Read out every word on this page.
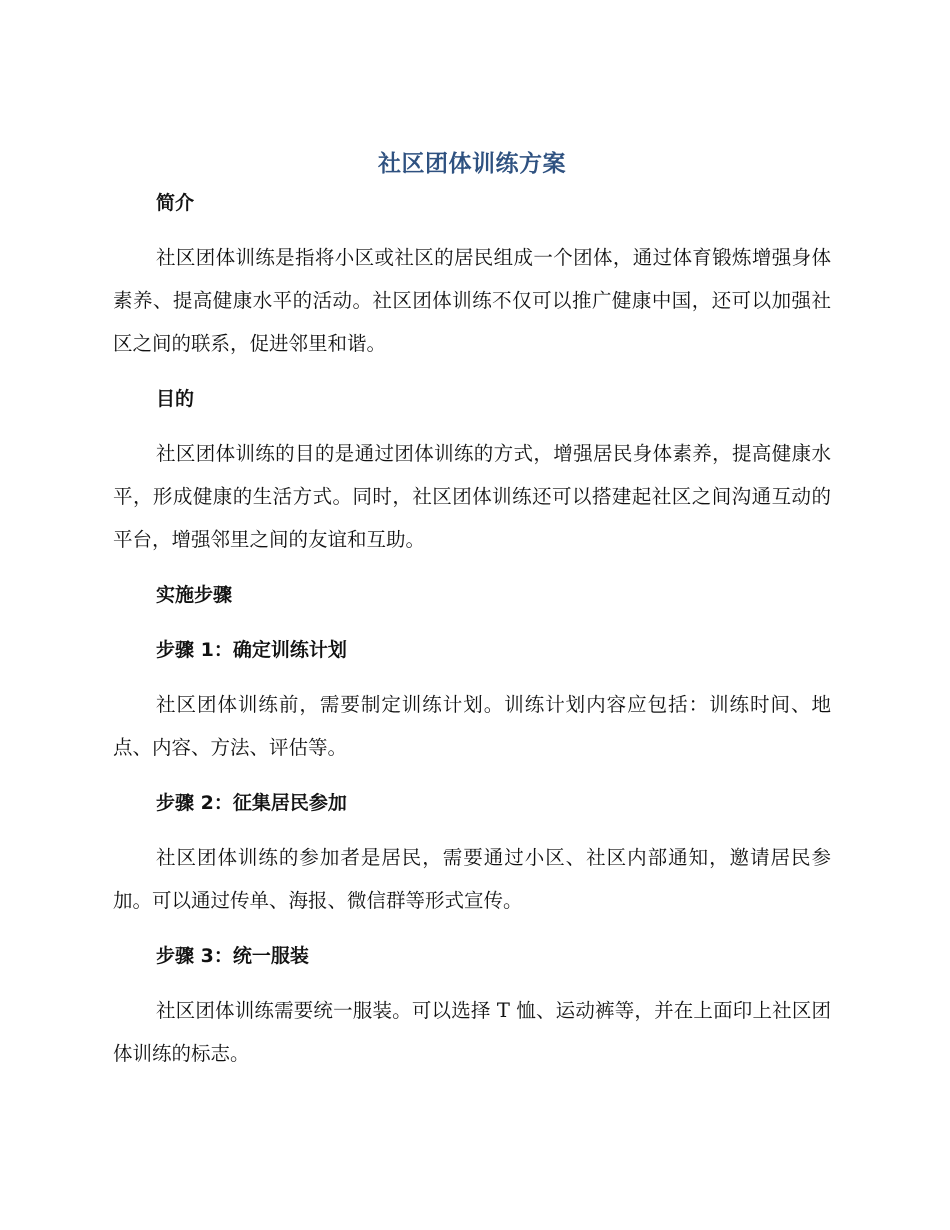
社区团体训练方案
简介

社区团体训练是指将小区或社区的居民组成一个团体，通过体育锻炼增强身体素养、提高健康水平的活动。社区团体训练不仅可以推广健康中国，还可以加强社区之间的联系，促进邻里和谐。

目的

社区团体训练的目的是通过团体训练的方式，增强居民身体素养，提高健康水平，形成健康的生活方式。同时，社区团体训练还可以搭建起社区之间沟通互动的平台，增强邻里之间的友谊和互助。

实施步骤
步骤 1：确定训练计划

社区团体训练前，需要制定训练计划。训练计划内容应包括：训练时间、地点、内容、方法、评估等。

步骤 2：征集居民参加

社区团体训练的参加者是居民，需要通过小区、社区内部通知，邀请居民参加。可以通过传单、海报、微信群等形式宣传。

步骤 3：统一服装

社区团体训练需要统一服装。可以选择 T 恤、运动裤等，并在上面印上社区团体训练的标志。
